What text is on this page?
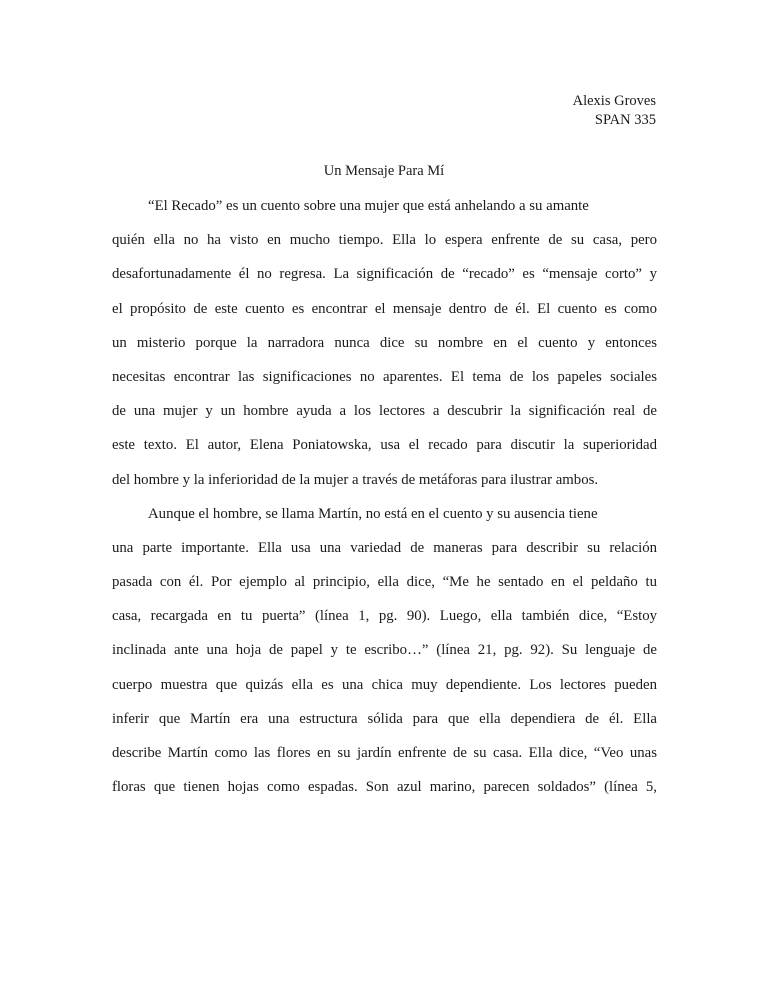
Alexis Groves
SPAN 335
Un Mensaje Para Mí
“El Recado” es un cuento sobre una mujer que está anhelando a su amante
quién ella no ha visto en mucho tiempo. Ella lo espera enfrente de su casa, pero
desafortunadamente él no regresa. La significación de “recado” es “mensaje corto” y
el propósito de este cuento es encontrar el mensaje dentro de él. El cuento es como
un misterio porque la narradora nunca dice su nombre en el cuento y entonces
necesitas encontrar las significaciones no aparentes. El tema de los papeles sociales
de una mujer y un hombre ayuda a los lectores a descubrir la significación real de
este texto. El autor, Elena Poniatowska, usa el recado para discutir la superioridad
del hombre y la inferioridad de la mujer a través de metáforas para ilustrar ambos.
Aunque el hombre, se llama Martín, no está en el cuento y su ausencia tiene
una parte importante. Ella usa una variedad de maneras para describir su relación
pasada con él. Por ejemplo al principio, ella dice, “Me he sentado en el peldaño tu
casa, recargada en tu puerta” (línea 1, pg. 90). Luego, ella también dice, “Estoy
inclinada ante una hoja de papel y te escribo…” (línea 21, pg. 92). Su lenguaje de
cuerpo muestra que quizás ella es una chica muy dependiente. Los lectores pueden
inferir que Martín era una estructura sólida para que ella dependiera de él. Ella
describe Martín como las flores en su jardín enfrente de su casa. Ella dice, “Veo unas
floras que tienen hojas como espadas. Son azul marino, parecen soldados” (línea 5,
